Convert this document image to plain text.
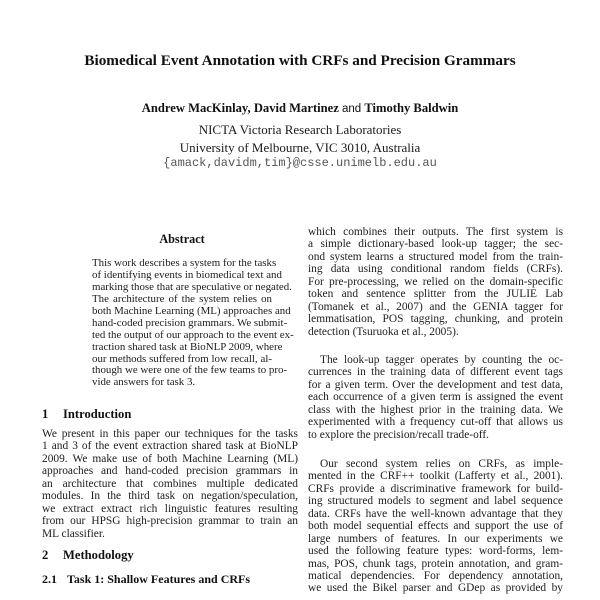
Biomedical Event Annotation with CRFs and Precision Grammars
Andrew MacKinlay, David Martinez and Timothy Baldwin
NICTA Victoria Research Laboratories
University of Melbourne, VIC 3010, Australia
{amack,davidm,tim}@csse.unimelb.edu.au
Abstract
This work describes a system for the tasks
of identifying events in biomedical text and
marking those that are speculative or negated.
The architecture of the system relies on
both Machine Learning (ML) approaches and
hand-coded precision grammars. We submit-
ted the output of our approach to the event ex-
traction shared task at BioNLP 2009, where
our methods suffered from low recall, al-
though we were one of the few teams to pro-
vide answers for task 3.
1 Introduction
We present in this paper our techniques for the tasks
1 and 3 of the event extraction shared task at BioNLP
2009. We make use of both Machine Learning (ML)
approaches and hand-coded precision grammars in
an architecture that combines multiple dedicated
modules. In the third task on negation/speculation,
we extract extract rich linguistic features resulting
from our HPSG high-precision grammar to train an
ML classifier.
2 Methodology
2.1 Task 1: Shallow Features and CRFs
which combines their outputs. The first system is
a simple dictionary-based look-up tagger; the sec-
ond system learns a structured model from the train-
ing data using conditional random fields (CRFs).
For pre-processing, we relied on the domain-specific
token and sentence splitter from the JULIE Lab
(Tomanek et al., 2007) and the GENIA tagger for
lemmatisation, POS tagging, chunking, and protein
detection (Tsuruoka et al., 2005).
The look-up tagger operates by counting the oc-
currences in the training data of different event tags
for a given term. Over the development and test data,
each occurrence of a given term is assigned the event
class with the highest prior in the training data. We
experimented with a frequency cut-off that allows us
to explore the precision/recall trade-off.
Our second system relies on CRFs, as imple-
mented in the CRF++ toolkit (Lafferty et al., 2001).
CRFs provide a discriminative framework for build-
ing structured models to segment and label sequence
data. CRFs have the well-known advantage that they
both model sequential effects and support the use of
large numbers of features. In our experiments we
used the following feature types: word-forms, lem-
mas, POS, chunk tags, protein annotation, and gram-
matical dependencies. For dependency annotation,
we used the Bikel parser and GDep as provided by
